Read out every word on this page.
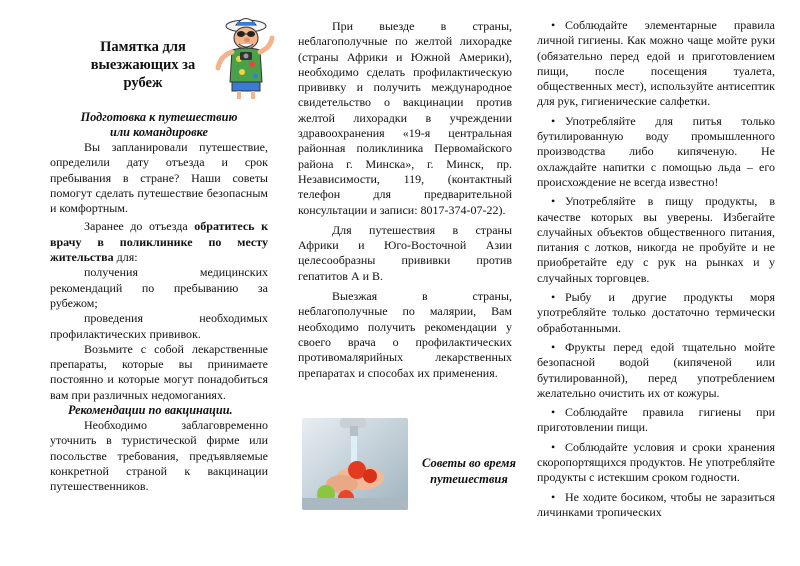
Памятка для выезжающих за рубеж

Подготовка к путешествию
или командировке

Вы запланировали путешествие, определили дату отъезда и срок пребывания в стране? Наши советы помогут сделать путешествие безопасным и комфортным.

Заранее до отъезда обратитесь к врачу в поликлинике по месту жительства для:

получения медицинских рекомендаций по пребыванию за рубежом;

проведения необходимых профилактических прививок.

Возьмите с собой лекарственные препараты, которые вы принимаете постоянно и которые могут понадобиться вам при различных недомоганиях.

Рекомендации по вакцинации.

Необходимо заблаговременно уточнить в туристической фирме или посольстве требования, предъявляемые конкретной страной к вакцинации путешественников.

При выезде в страны, неблагополучные по желтой лихорадке (страны Африки и Южной Америки), необходимо сделать профилактическую прививку и получить международное свидетельство о вакцинации против желтой лихорадки в учреждении здравоохранения «19-я центральная районная поликлиника Первомайского района г. Минска», г. Минск, пр. Независимости, 119, (контактный телефон для предварительной консультации и записи: 8017-374-07-22).

Для путешествия в страны Африки и Юго-Восточной Азии целесообразны прививки против гепатитов А и В.

Выезжая в страны, неблагополучные по малярии, Вам необходимо получить рекомендации у своего врача о профилактических противомалярийных лекарственных препаратах и способах их применения.

Советы во время путешествия
• Соблюдайте элементарные правила личной гигиены. Как можно чаще мойте руки (обязательно перед едой и приготовлением пищи, после посещения туалета, общественных мест), используйте антисептик для рук, гигиенические салфетки.
• Употребляйте для питья только бутилированную воду промышленного производства либо кипяченую. Не охлаждайте напитки с помощью льда – его происхождение не всегда известно!
• Употребляйте в пищу продукты, в качестве которых вы уверены. Избегайте случайных объектов общественного питания, питания с лотков, никогда не пробуйте и не приобретайте еду с рук на рынках и у случайных торговцев.
• Рыбу и другие продукты моря употребляйте только достаточно термически обработанными.
• Фрукты перед едой тщательно мойте безопасной водой (кипяченой или бутилированной), перед употреблением желательно очистить их от кожуры.
• Соблюдайте правила гигиены при приготовлении пищи.
• Соблюдайте условия и сроки хранения скоропортящихся продуктов. Не употребляйте продукты с истекшим сроком годности.
• Не ходите босиком, чтобы не заразиться личинками тропических
